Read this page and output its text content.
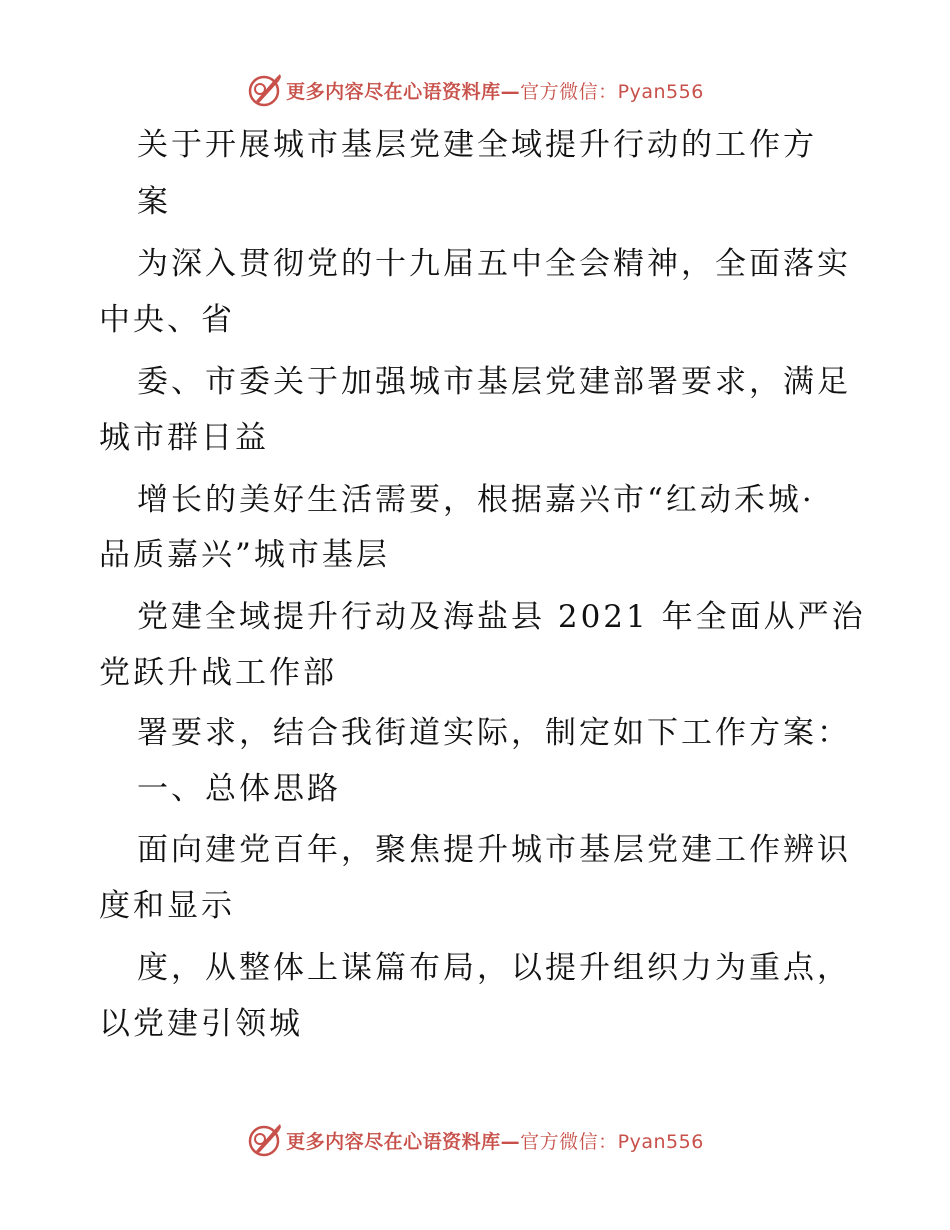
更多内容尽在心语资料库—官方微信：Pyan556
关于开展城市基层党建全域提升行动的工作方
案
为深入贯彻党的十九届五中全会精神，全面落实
中央、省
委、市委关于加强城市基层党建部署要求，满足
城市群日益
增长的美好生活需要，根据嘉兴市“红动禾城·
品质嘉兴”城市基层
党建全域提升行动及海盐县 2021 年全面从严治
党跃升战工作部
署要求，结合我街道实际，制定如下工作方案：
一、总体思路
面向建党百年，聚焦提升城市基层党建工作辨识
度和显示
度，从整体上谋篇布局，以提升组织力为重点，
以党建引领城
更多内容尽在心语资料库—官方微信：Pyan556
